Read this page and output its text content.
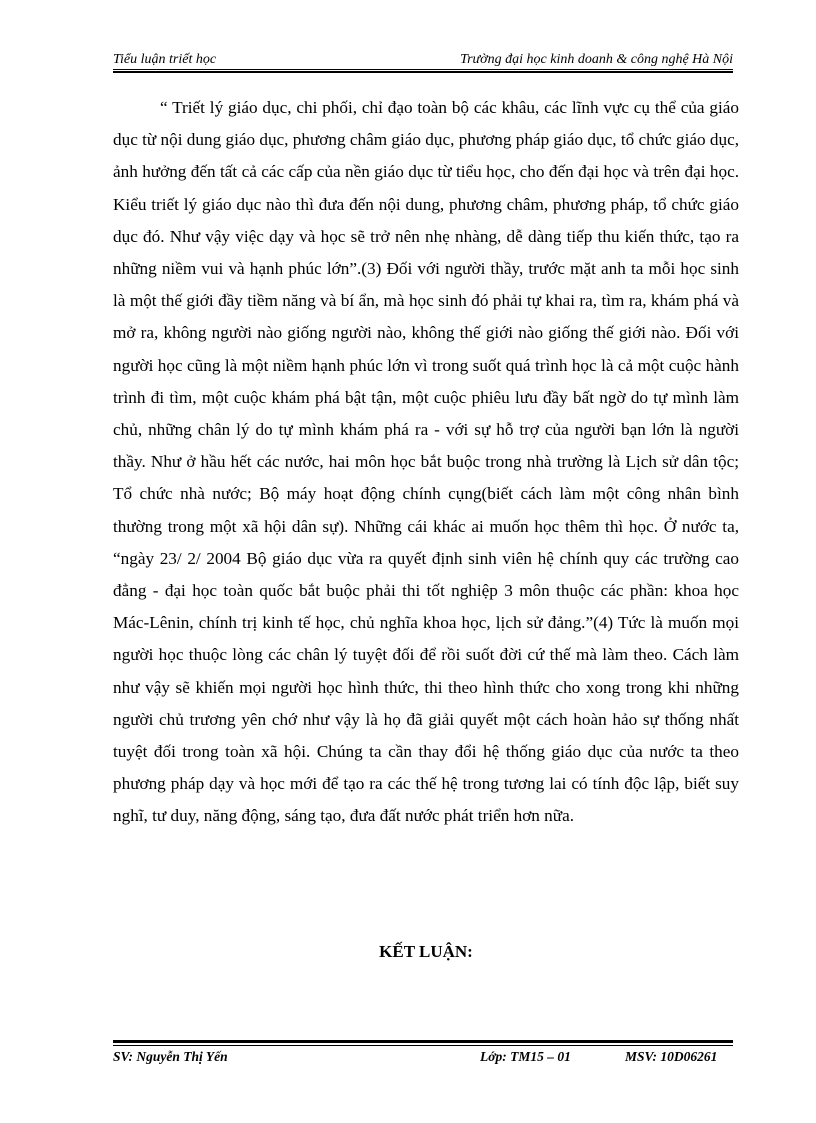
Tiểu luận triết học	Trường đại học kinh doanh & công nghệ Hà Nội

“ Triết lý giáo dục, chi phối, chỉ đạo toàn bộ các khâu, các lĩnh vực cụ thể của giáo dục từ nội dung giáo dục, phương châm giáo dục, phương pháp giáo dục, tổ chức giáo dục, ảnh hưởng đến tất cả các cấp của nền giáo dục từ tiểu học, cho đến đại học và trên đại học. Kiểu triết lý giáo dục nào thì đưa đến nội dung, phương châm, phương pháp, tổ chức giáo dục đó. Như vậy việc dạy và học sẽ trở nên nhẹ nhàng, dễ dàng tiếp thu kiến thức, tạo ra những niềm vui và hạnh phúc lớn”.(3) Đối với người thầy, trước mặt anh ta mỗi học sinh là một thế giới đầy tiềm năng và bí ẩn, mà học sinh đó phải tự khai ra, tìm ra, khám phá và mở ra, không người nào giống người nào, không thế giới nào giống thế giới nào. Đối với người học cũng là một niềm hạnh phúc lớn vì trong suốt quá trình học là cả một cuộc hành trình đi tìm, một cuộc khám phá bật tận, một cuộc phiêu lưu đầy bất ngờ do tự mình làm chủ, những chân lý do tự mình khám phá ra - với sự hỗ trợ của người bạn lớn là người thầy. Như ở hầu hết các nước, hai môn học bắt buộc trong nhà trường là Lịch sử dân tộc; Tổ chức nhà nước; Bộ máy hoạt động chính cụng(biết cách làm một công nhân bình thường trong một xã hội dân sự). Những cái khác ai muốn học thêm thì học. Ở nước ta, “ngày 23/ 2/ 2004 Bộ giáo dục vừa ra quyết định sinh viên hệ chính quy các trường cao đẳng - đại học toàn quốc bắt buộc phải thi tốt nghiệp 3 môn thuộc các phần: khoa học Mác-Lênin, chính trị kinh tế học, chủ nghĩa khoa học, lịch sử đảng.”(4) Tức là muốn mọi người học thuộc lòng các chân lý tuyệt đối để rồi suốt đời cứ thế mà làm theo. Cách làm như vậy sẽ khiến mọi người học hình thức, thi theo hình thức cho xong trong khi những người chủ trương yên chớ như vậy là họ đã giải quyết một cách hoàn hảo sự thống nhất tuyệt đối trong toàn xã hội. Chúng ta cần thay đổi hệ thống giáo dục của nước ta theo phương pháp dạy và học mới để tạo ra các thế hệ trong tương lai có tính độc lập, biết suy nghĩ, tư duy, năng động, sáng tạo, đưa đất nước phát triển hơn nữa.

KẾT LUẬN:
SV: Nguyễn Thị Yến	Lớp: TM15 – 01	MSV: 10D06261
